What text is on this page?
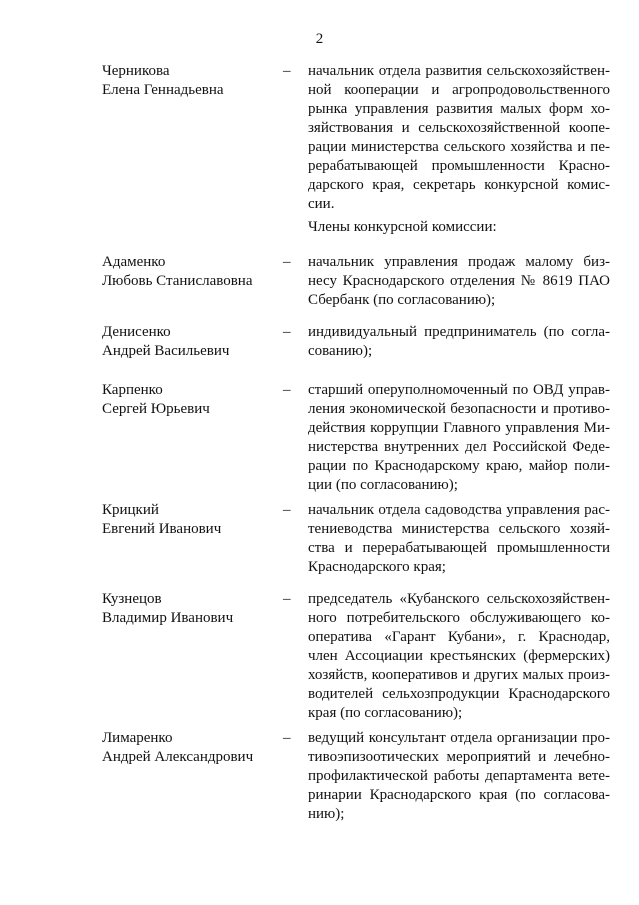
2
Члены конкурсной комиссии:
Черникова
Елена Геннадьевна
– начальник отдела развития сельскохозяйствен-
ной кооперации и агропродовольственного
рынка управления развития малых форм хо-
зяйствования и сельскохозяйственной коопе-
рации министерства сельского хозяйства и пе-
рерабатывающей промышленности Красно-
дарского края, секретарь конкурсной комис-
сии.
Адаменко
Любовь Станиславовна
– начальник управления продаж малому биз-
несу Краснодарского отделения № 8619 ПАО
Сбербанк (по согласованию);
Денисенко
Андрей Васильевич
– индивидуальный предприниматель (по согла-
сованию);
Карпенко
Сергей Юрьевич
– старший оперуполномоченный по ОВД управ-
ления экономической безопасности и противо-
действия коррупции Главного управления Ми-
нистерства внутренних дел Российской Феде-
рации по Краснодарскому краю, майор поли-
ции (по согласованию);
Крицкий
Евгений Иванович
– начальник отдела садоводства управления рас-
тениеводства министерства сельского хозяй-
ства и перерабатывающей промышленности
Краснодарского края;
Кузнецов
Владимир Иванович
– председатель «Кубанского сельскохозяйствен-
ного потребительского обслуживающего ко-
оператива «Гарант Кубани», г. Краснодар,
член Ассоциации крестьянских (фермерских)
хозяйств, кооперативов и других малых произ-
водителей сельхозпродукции Краснодарского
края (по согласованию);
Лимаренко
Андрей Александрович
– ведущий консультант отдела организации про-
тивоэпизоотических мероприятий и лечебно-
профилактической работы департамента вете-
ринарии Краснодарского края (по согласова-
нию);
